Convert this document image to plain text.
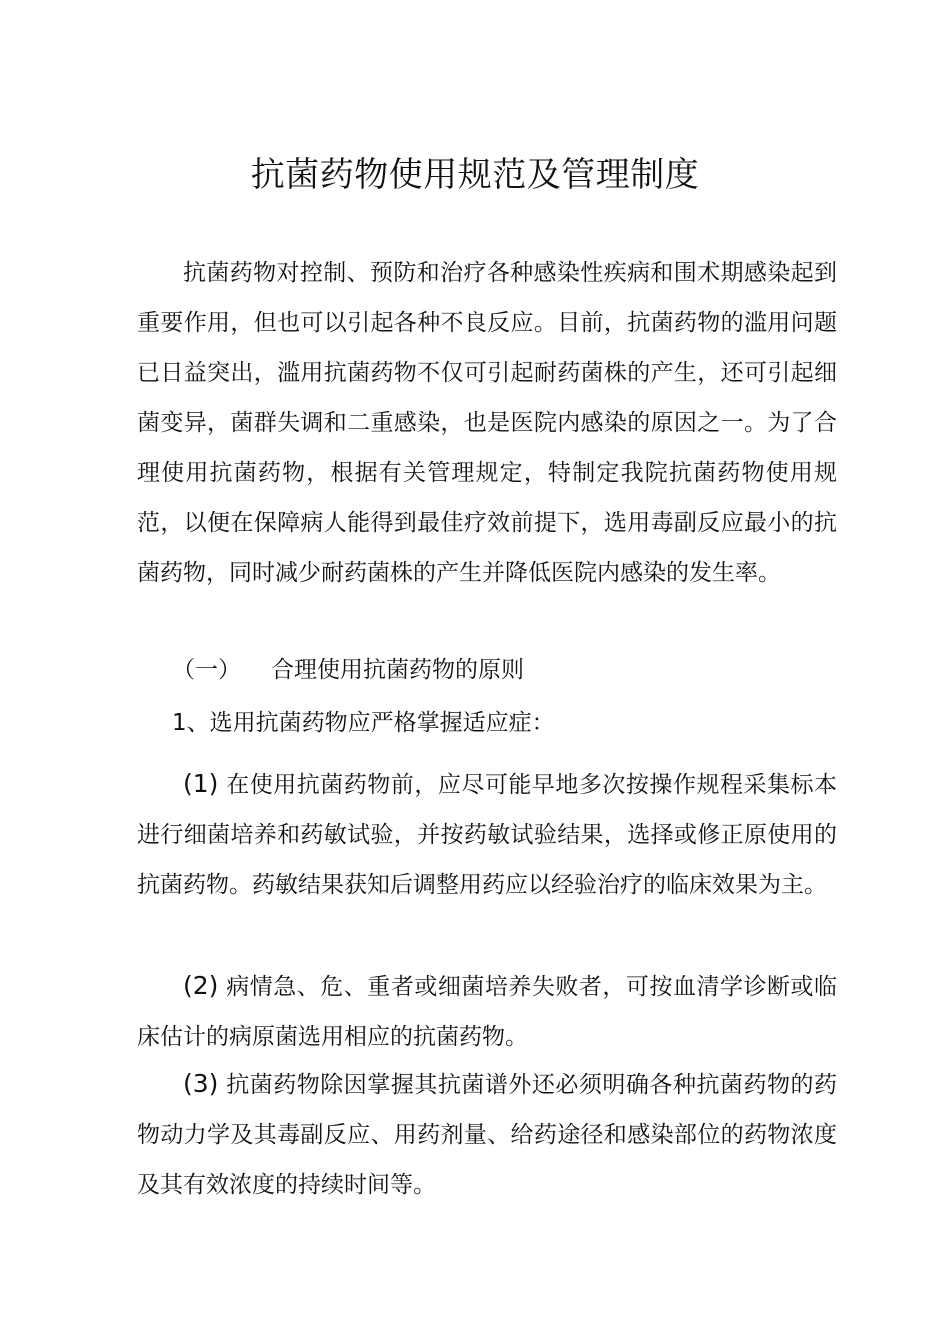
抗菌药物使用规范及管理制度

抗菌药物对控制、预防和治疗各种感染性疾病和围术期感染起到重要作用，但也可以引起各种不良反应。目前，抗菌药物的滥用问题已日益突出，滥用抗菌药物不仅可引起耐药菌株的产生，还可引起细菌变异，菌群失调和二重感染，也是医院内感染的原因之一。为了合理使用抗菌药物，根据有关管理规定，特制定我院抗菌药物使用规范，以便在保障病人能得到最佳疗效前提下，选用毒副反应最小的抗菌药物，同时减少耐药菌株的产生并降低医院内感染的发生率。

（一） 合理使用抗菌药物的原则
1、选用抗菌药物应严格掌握适应症：

(1) 在使用抗菌药物前，应尽可能早地多次按操作规程采集标本进行细菌培养和药敏试验，并按药敏试验结果，选择或修正原使用的抗菌药物。药敏结果获知后调整用药应以经验治疗的临床效果为主。

(2) 病情急、危、重者或细菌培养失败者，可按血清学诊断或临床估计的病原菌选用相应的抗菌药物。

(3) 抗菌药物除因掌握其抗菌谱外还必须明确各种抗菌药物的药物动力学及其毒副反应、用药剂量、给药途径和感染部位的药物浓度及其有效浓度的持续时间等。
